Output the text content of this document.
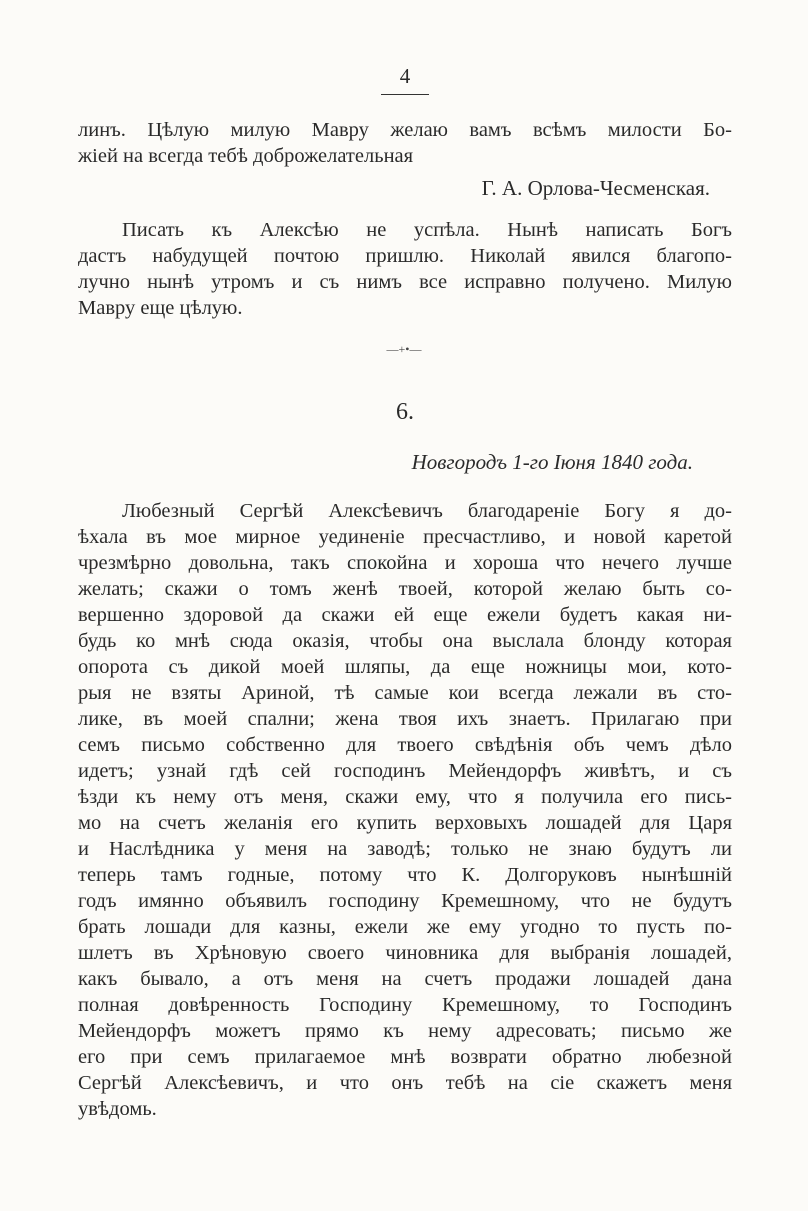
4
линъ. Цѣлую милую Мавру желаю вамъ всѣмъ милости Бо-
жіей на всегда тебѣ доброжелательная
Г. А. Орлова-Чесменская.
Писать къ Алексѣю не успѣла. Нынѣ написать Богъ
дастъ набудущей почтою пришлю. Николай явился благопо-
лучно нынѣ утромъ и съ нимъ все исправно получено. Милую
Мавру еще цѣлую.
—+•—
6.
Новгородъ 1-го Іюня 1840 года.
Любезный Сергѣй Алексѣевичъ благодареніе Богу я до-
ѣхала въ мое мирное уединеніе пресчастливо, и новой каретой
чрезмѣрно довольна, такъ спокойна и хороша что нечего лучше
желать; скажи о томъ женѣ твоей, которой желаю быть со-
вершенно здоровой да скажи ей еще ежели будетъ какая ни-
будь ко мнѣ сюда оказія, чтобы она выслала блонду которая
опорота съ дикой моей шляпы, да еще ножницы мои, кото-
рыя не взяты Ариной, тѣ самые кои всегда лежали въ сто-
лике, въ моей спални; жена твоя ихъ знаетъ. Прилагаю при
семъ письмо собственно для твоего свѣдѣнія объ чемъ дѣло
идетъ; узнай гдѣ сей господинъ Мейендорфъ живѣтъ, и съ
ѣзди къ нему отъ меня, скажи ему, что я получила его пись-
мо на счетъ желанія его купить верховыхъ лошадей для Царя
и Наслѣдника у меня на заводѣ; только не знаю будутъ ли
теперь тамъ годные, потому что К. Долгоруковъ нынѣшній
годъ имянно объявилъ господину Кремешному, что не будутъ
брать лошади для казны, ежели же ему угодно то пусть по-
шлетъ въ Хрѣновую своего чиновника для выбранія лошадей,
какъ бывало, а отъ меня на счетъ продажи лошадей дана
полная довѣренность Господину Кремешному, то Господинъ
Мейендорфъ можетъ прямо къ нему адресовать; письмо же
его при семъ прилагаемое мнѣ возврати обратно любезной
Сергѣй Алексѣевичъ, и что онъ тебѣ на сіе скажетъ меня
увѣдомь.
